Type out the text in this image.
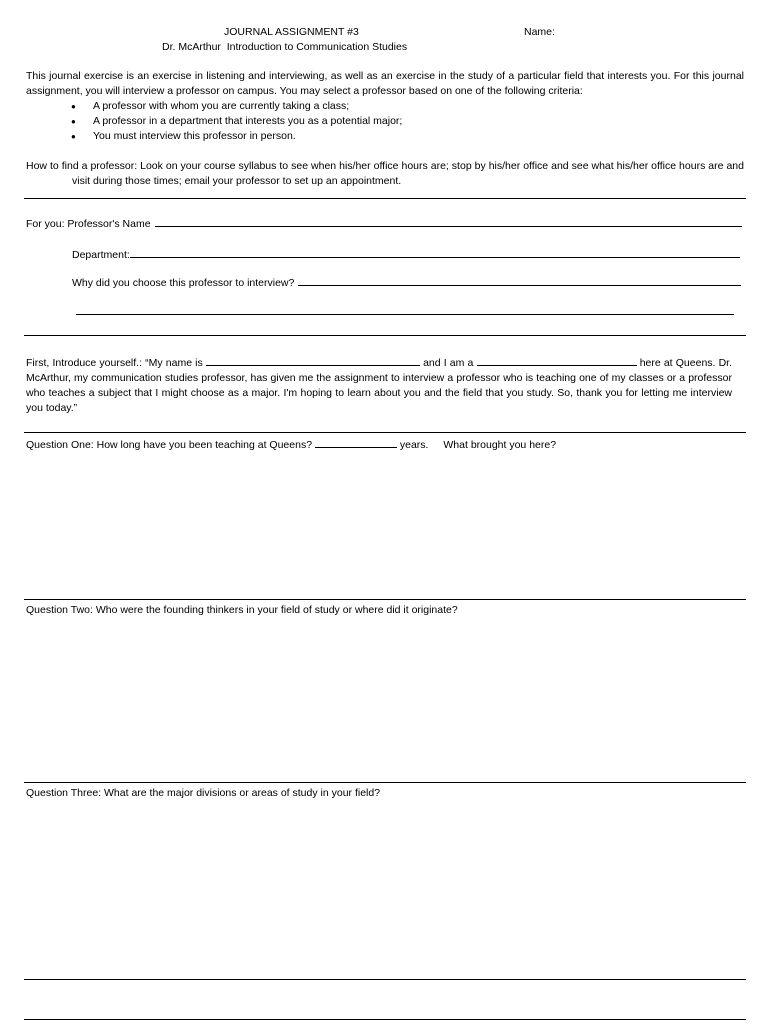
JOURNAL ASSIGNMENT #3	Name:
Dr. McArthur  Introduction to Communication Studies

This journal exercise is an exercise in listening and interviewing, as well as an exercise in the study of a particular field that interests you. For this journal assignment, you will interview a professor on campus. You may select a professor based on one of the following criteria:

● A professor with whom you are currently taking a class;
● A professor in a department that interests you as a potential major;
● You must interview this professor in person.

How to find a professor: Look on your course syllabus to see when his/her office hours are; stop by his/her office and see what his/her office hours are and visit during those times; email your professor to set up an appointment.

For you: Professor's Name
Department:
Why did you choose this professor to interview?
First, Introduce yourself.: “My name is	and I am a	here at Queens. Dr. McArthur, my communication studies professor, has given me the assignment to interview a professor who is teaching one of my classes or a professor who teaches a subject that I might choose as a major. I'm hoping to learn about you and the field that you study. So, thank you for letting me interview you today.”
Question One: How long have you been teaching at Queens?	years. What brought you here?
Question Two: Who were the founding thinkers in your field of study or where did it originate?
Question Three: What are the major divisions or areas of study in your field?
